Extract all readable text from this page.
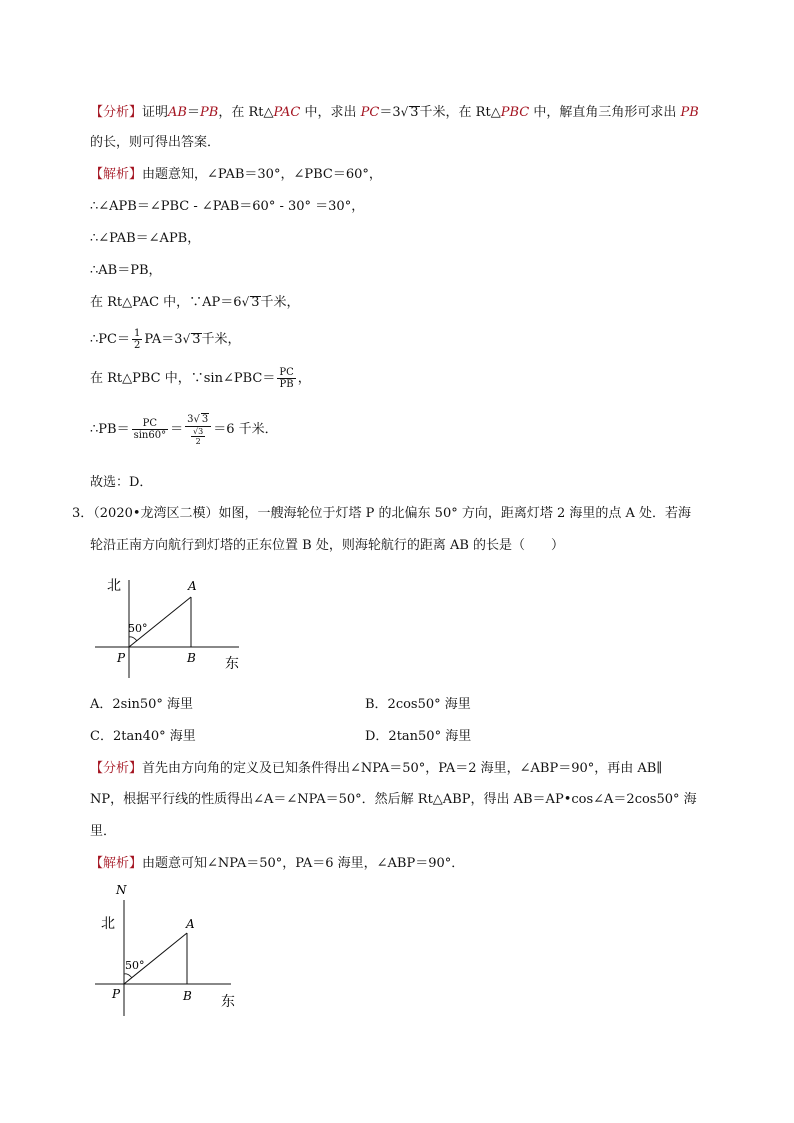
【分析】证明AB＝PB，在 Rt△PAC 中，求出 PC＝3√ 3千米，在 Rt△PBC 中，解直角三角形可求出 PB
的长，则可得出答案．
【解析】由题意知，∠PAB＝30°，∠PBC＝60°，
∴∠APB＝∠PBC - ∠PAB＝60° - 30° ＝30°，
∴∠PAB＝∠APB，
∴AB＝PB，
在 Rt△PAC 中，∵AP＝6√ 3千米，
∴PC＝ $\frac{1}{2} PA=3√$ 3千米，
在 Rt△PBC 中，∵sin∠PBC＝ $\frac{PC}{PB}$ ，
∴PB＝ $\frac{PC}{\sin 60^\circ} = \frac{3√ 3}{\frac{√3}{2}} =6$ 千米．
故选：D．
3．（2020•龙湾区二模）如图，一艘海轮位于灯塔 P 的北偏东 50° 方向，距离灯塔 2 海里的点 A 处．若海
轮沿正南方向航行到灯塔的正东位置 B 处，则海轮航行的距离 AB 的长是（　　）
北	A
50°
P	B 东
A．2sin50° 海里	B．2cos50° 海里
C．2tan40° 海里	D．2tan50° 海里
【分析】首先由方向角的定义及已知条件得出∠NPA＝50°，PA＝2 海里，∠ABP＝90°，再由 AB∥
NP，根据平行线的性质得出∠A＝∠NPA＝50°．然后解 Rt△ABP，得出 AB＝AP•cos∠A＝2cos50° 海
里．
【解析】由题意可知∠NPA＝50°，PA＝6 海里，∠ABP＝90°．
N
北	A
50°
P	B 东
